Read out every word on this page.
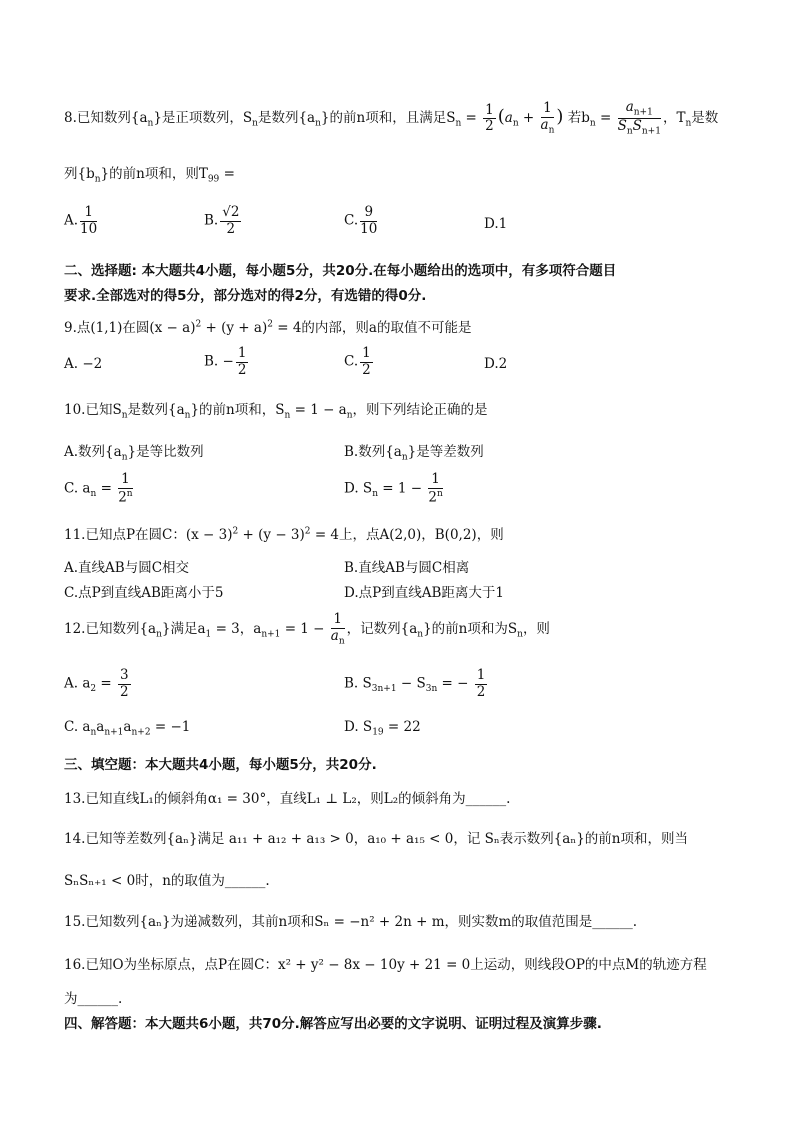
8.已知数列$\{a_n\}$是正项数列，$S_n$是数列$\{a_n\}$的前n项和，且满足$S_n = \frac{1}{2} (a_n + \frac{1}{a_n}$ ) 若$b_n = \frac{a_{n+1}}{S_nS_{n+1}}$ ，$T_n$是数
列$\{b_n\}$的前n项和，则$T_{99}$ =
A. $\frac{1}{10}$	B. $\frac{√2}{2}$	C. $\frac{9}{10}$	D.1
二、选择题: 本大题共4小题，每小题5分，共20分.在每小题给出的选项中，有多项符合题目
要求.全部选对的得5分，部分选对的得2分，有选错的得0分.
9.点(1,1)在圆$(x - a)^2 + (y + a)^2 = 4$的内部，则a的取值不可能是
A. −2	B. − $\frac{1}{2}$	C. $\frac{1}{2}$	D.2
10.已知$S_n$是数列$\{a_n\}$的前n项和，$S_n = 1 - a_n$，则下列结论正确的是
A.数列$\{a_n\}$是等比数列	B.数列$\{a_n\}$是等差数列
C. $a_n = \frac{1}{2^n}$	D. $S_n = 1 - \frac{1}{2^n}$
11.已知点P在圆C：$(x - 3)^2 + (y - 3)^2 = 4$上，点A(2,0)，B(0,2)，则
A.直线AB与圆C相交	B.直线AB与圆C相离
C.点P到直线AB距离小于5	D.点P到直线AB距离大于1
12.已知数列$\{a_n\}$满足$a_1 = 3$，$a_{n+1} = 1 - \frac{1}{a_n}$ ，记数列$\{a_n\}$的前n项和为$S_n$，则
A. $a_2 = \frac{3}{2}$	B. $S_{3n+1} - S_{3n}$ = − $\frac{1}{2}$
C. $a_na_{n+1}a_{n+2} = -1$	D. $S_{19} = 22$
三、填空题：本大题共4小题，每小题5分，共20分.
13.已知直线L₁的倾斜角α₁ = 30°，直线L₁ ⊥ L₂，则L₂的倾斜角为______.
14.已知等差数列{aₙ}满足 a₁₁ + a₁₂ + a₁₃ > 0，a₁₀ + a₁₅ < 0，记 Sₙ表示数列{aₙ}的前n项和，则当
SₙSₙ₊₁ < 0时，n的取值为______.
15.已知数列{aₙ}为递减数列，其前n项和Sₙ = −n² + 2n + m，则实数m的取值范围是______.
16.已知O为坐标原点，点P在圆C：x² + y² − 8x − 10y + 21 = 0上运动，则线段OP的中点M的轨迹方程
为______.
四、解答题：本大题共6小题，共70分.解答应写出必要的文字说明、证明过程及演算步骤.
